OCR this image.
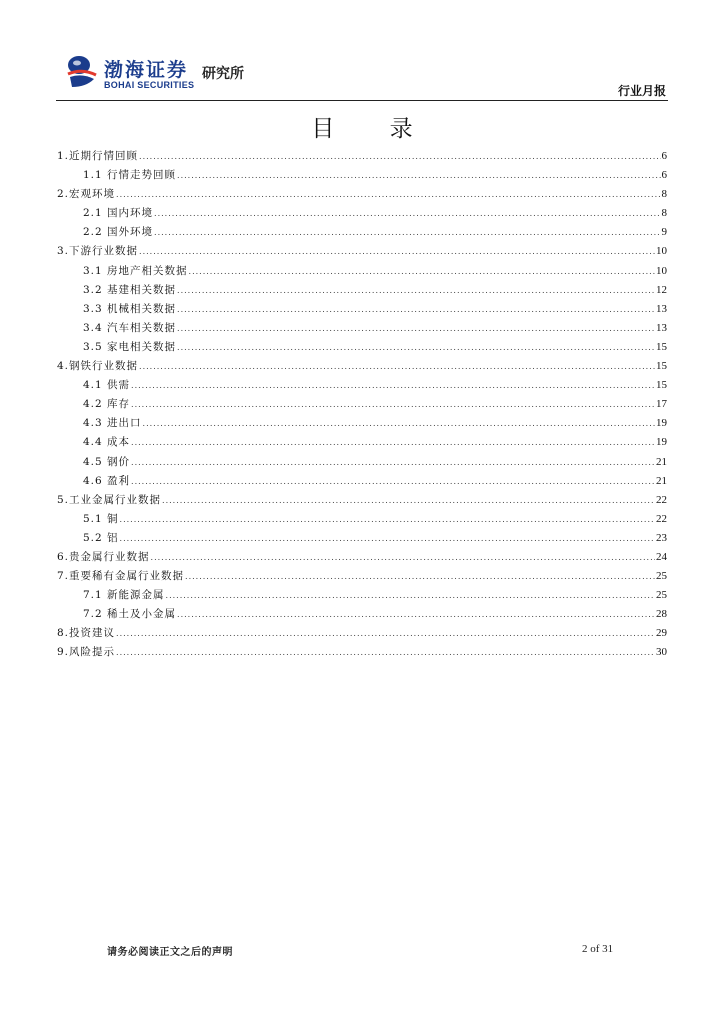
渤海证券
BOHAI SECURITIES
研究所
行业月报
目 录
1.近期行情回顾 .....	6
1.1 行情走势回顾 .....	6
2.宏观环境 .....	8
2.1 国内环境 .....	8
2.2 国外环境 .....	9
3.下游行业数据 .....	10
3.1 房地产相关数据 .....	10
3.2 基建相关数据 .....	12
3.3 机械相关数据 .....	13
3.4 汽车相关数据 .....	13
3.5 家电相关数据 .....	15
4.钢铁行业数据 .....	15
4.1 供需 .....	15
4.2 库存 .....	17
4.3 进出口 .....	19
4.4 成本 .....	19
4.5 钢价 .....	21
4.6 盈利 .....	21
5.工业金属行业数据 .....	22
5.1 铜 .....	22
5.2 铝 .....	23
6.贵金属行业数据 .....	24
7.重要稀有金属行业数据 .....	25
7.1 新能源金属 .....	25
7.2 稀土及小金属 .....	28
8.投资建议 .....	29
9.风险提示 .....	30
请务必阅读正文之后的声明	2 of 31
